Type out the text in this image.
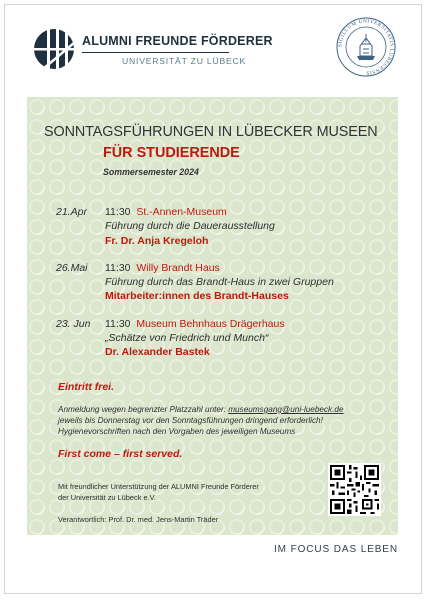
ALUMNI FREUNDE FÖRDERER
UNIVERSITÄT ZU LÜBECK
SIGILLUM UNIVERSITATIS LUBECENSIS
SONNTAGSFÜHRUNGEN IN LÜBECKER MUSEEN
FÜR STUDIERENDE
Sommersemester 2024
21.Apr 11:30 St.-Annen-Museum
Führung durch die Dauerausstellung
Fr. Dr. Anja Kregeloh
26.Mai 11:30 Willy Brandt Haus
Führung durch das Brandt-Haus in zwei Gruppen
Mitarbeiter:innen des Brandt-Hauses
23. Jun 11:30 Museum Behnhaus Drägerhaus
„Schätze von Friedrich und Munch“
Dr. Alexander Bastek
Eintritt frei.
Anmeldung wegen begrenzter Platzzahl unter: museumsgang@uni-luebeck.de
jeweils bis Donnerstag vor den Sonntagsführungen dringend erforderlich!
Hygienevorschriften nach den Vorgaben des jeweiligen Museums
First come – first served.
Mit freundlicher Unterstützung der ALUMNI Freunde Förderer
der Universität zu Lübeck e.V.
Verantwortlich: Prof. Dr. med. Jens-Martin Träder
IM FOCUS DAS LEBEN
